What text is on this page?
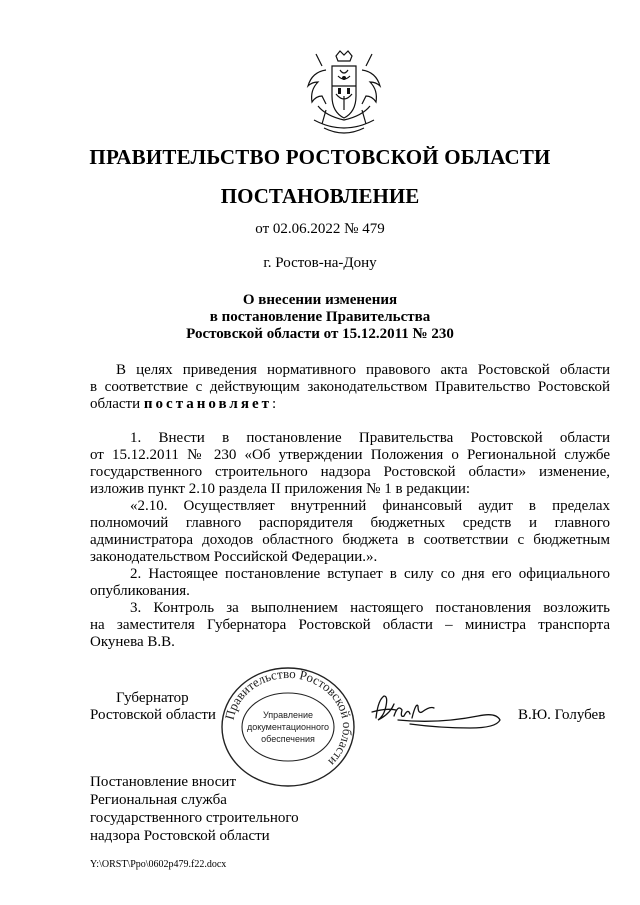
ПРАВИТЕЛЬСТВО РОСТОВСКОЙ ОБЛАСТИ
ПОСТАНОВЛЕНИЕ
от 02.06.2022 № 479
г. Ростов-на-Дону
О внесении изменения
в постановление Правительства
Ростовской области от 15.12.2011 № 230
В целях приведения нормативного правового акта Ростовской области
в соответствие с действующим законодательством Правительство Ростовской
области постановляет:
1. Внести в постановление Правительства Ростовской области
от 15.12.2011 № 230 «Об утверждении Положения о Региональной службе
государственного строительного надзора Ростовской области» изменение,
изложив пункт 2.10 раздела II приложения № 1 в редакции:
«2.10. Осуществляет внутренний финансовый аудит в пределах
полномочий главного распорядителя бюджетных средств и главного
администратора доходов областного бюджета в соответствии с бюджетным
законодательством Российской Федерации.».
2. Настоящее постановление вступает в силу со дня его официального
опубликования.
3. Контроль за выполнением настоящего постановления возложить
на заместителя Губернатора Ростовской области – министра транспорта
Окунева В.В.
Губернатор
Ростовской области Правительство Ростовской области
Управление
документационного
обеспечения
В.Ю. Голубев
Постановление вносит
Региональная служба
государственного строительного
надзора Ростовской области
Y:\ORST\Ppo\0602p479.f22.docx
